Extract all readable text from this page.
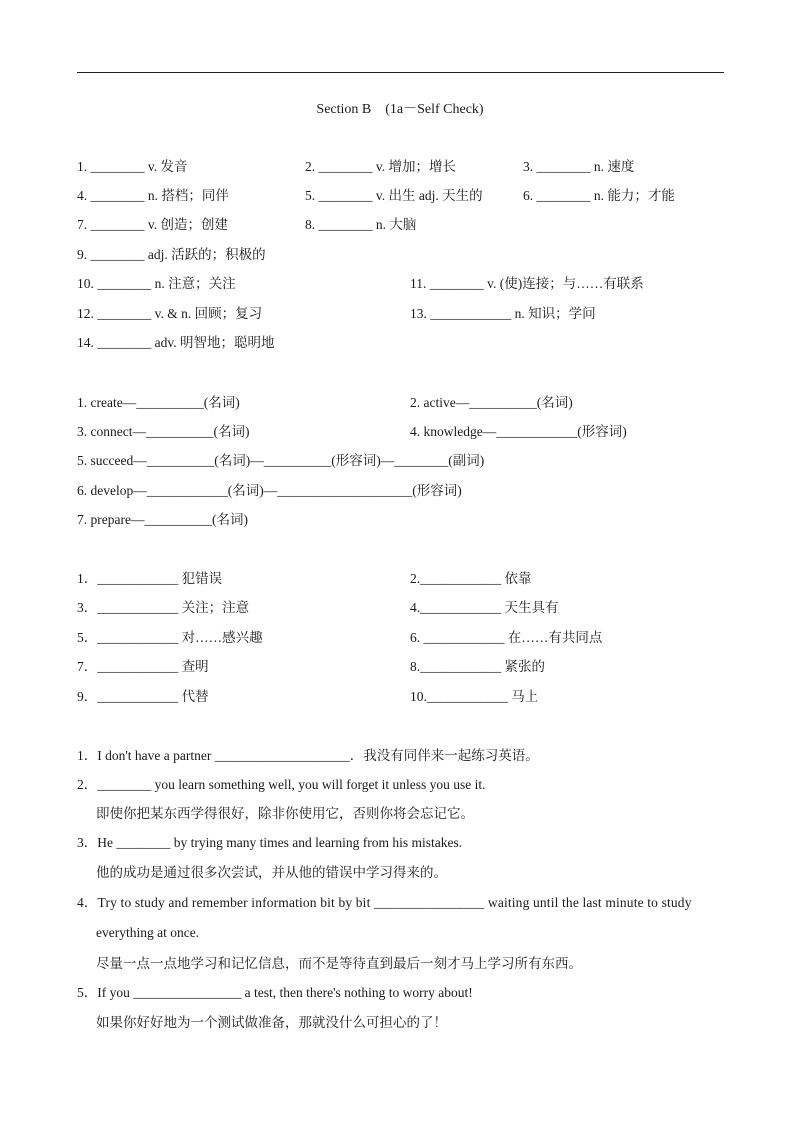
Section B　(1a－Self Check)
1. ________ v. 发音	2. ________ v. 增加；增长	3. ________ n. 速度
4. ________ n. 搭档；同伴	5. ________ v. 出生 adj. 天生的	6. ________ n. 能力；才能
7. ________ v. 创造；创建	8. ________ n. 大脑
9. ________ adj. 活跃的；积极的
10. ________ n. 注意；关注	11. ________ v. (使)连接；与……有联系
12. ________ v. & n. 回顾；复习	13. ____________ n. 知识；学问
14. ________ adv. 明智地；聪明地
1. create—__________(名词)	2. active—__________(名词)
3. connect—__________(名词)	4. knowledge—____________(形容词)
5. succeed—__________(名词)—__________(形容词)—________(副词)
6. develop—____________(名词)—____________________(形容词)
7. prepare—__________(名词)
1．____________ 犯错误	2.____________ 依靠
3．____________ 关注；注意	4.____________ 天生具有
5．____________ 对……感兴趣	6. ____________ 在……有共同点
7．____________ 查明	8.____________ 紧张的
9．____________ 代替	10.____________ 马上
1．I don't have a partner ____________________．我没有同伴来一起练习英语。
2．________ you learn something well, you will forget it unless you use it.
即使你把某东西学得很好，除非你使用它，否则你将会忘记它。
3．He ________ by trying many times and learning from his mistakes.
他的成功是通过很多次尝试，并从他的错误中学习得来的。
4．Try to study and remember information bit by bit ________________ waiting until the last minute to study
everything at once.
尽量一点一点地学习和记忆信息，而不是等待直到最后一刻才马上学习所有东西。
5．If you ________________ a test, then there's nothing to worry about!
如果你好好地为一个测试做准备，那就没什么可担心的了！
